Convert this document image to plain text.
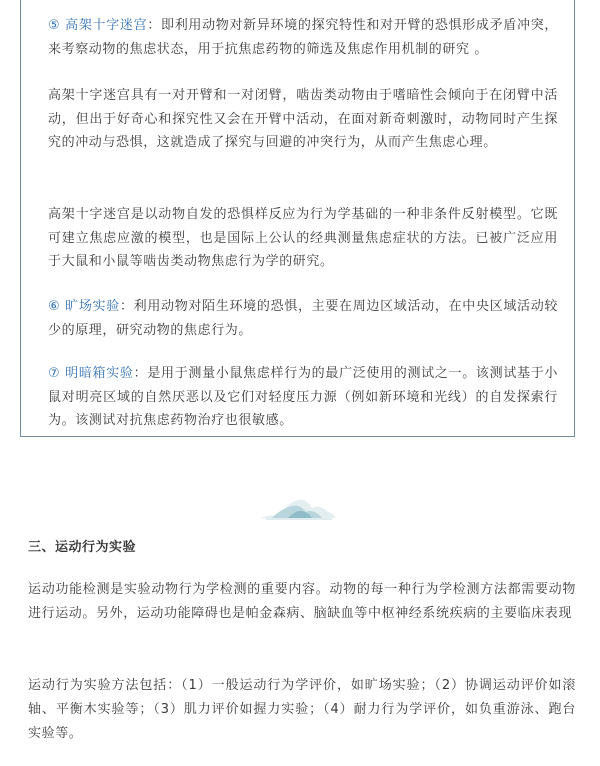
⑤ 高架十字迷宫：即利用动物对新异环境的探究特性和对开臂的恐惧形成矛盾冲突，来考察动物的焦虑状态，用于抗焦虑药物的筛选及焦虑作用机制的研究 。

高架十字迷宫具有一对开臂和一对闭臂，啮齿类动物由于嗜暗性会倾向于在闭臂中活动，但出于好奇心和探究性又会在开臂中活动，在面对新奇刺激时，动物同时产生探究的冲动与恐惧，这就造成了探究与回避的冲突行为，从而产生焦虑心理。

高架十字迷宫是以动物自发的恐惧样反应为行为学基础的一种非条件反射模型。它既可建立焦虑应激的模型，也是国际上公认的经典测量焦虑症状的方法。已被广泛应用于大鼠和小鼠等啮齿类动物焦虑行为学的研究。

⑥ 旷场实验：利用动物对陌生环境的恐惧，主要在周边区域活动，在中央区域活动较少的原理，研究动物的焦虑行为。

⑦ 明暗箱实验：是用于测量小鼠焦虑样行为的最广泛使用的测试之一。该测试基于小鼠对明亮区域的自然厌恶以及它们对轻度压力源（例如新环境和光线）的自发探索行为。该测试对抗焦虑药物治疗也很敏感。

三、运动行为实验

运动功能检测是实验动物行为学检测的重要内容。动物的每一种行为学检测方法都需要动物进行运动。另外，运动功能障碍也是帕金森病、脑缺血等中枢神经系统疾病的主要临床表现

运动行为实验方法包括：（1）一般运动行为学评价，如旷场实验；（2）协调运动评价如滚轴、平衡木实验等；（3）肌力评价如握力实验；（4）耐力行为学评价，如负重游泳、跑台实验等。
